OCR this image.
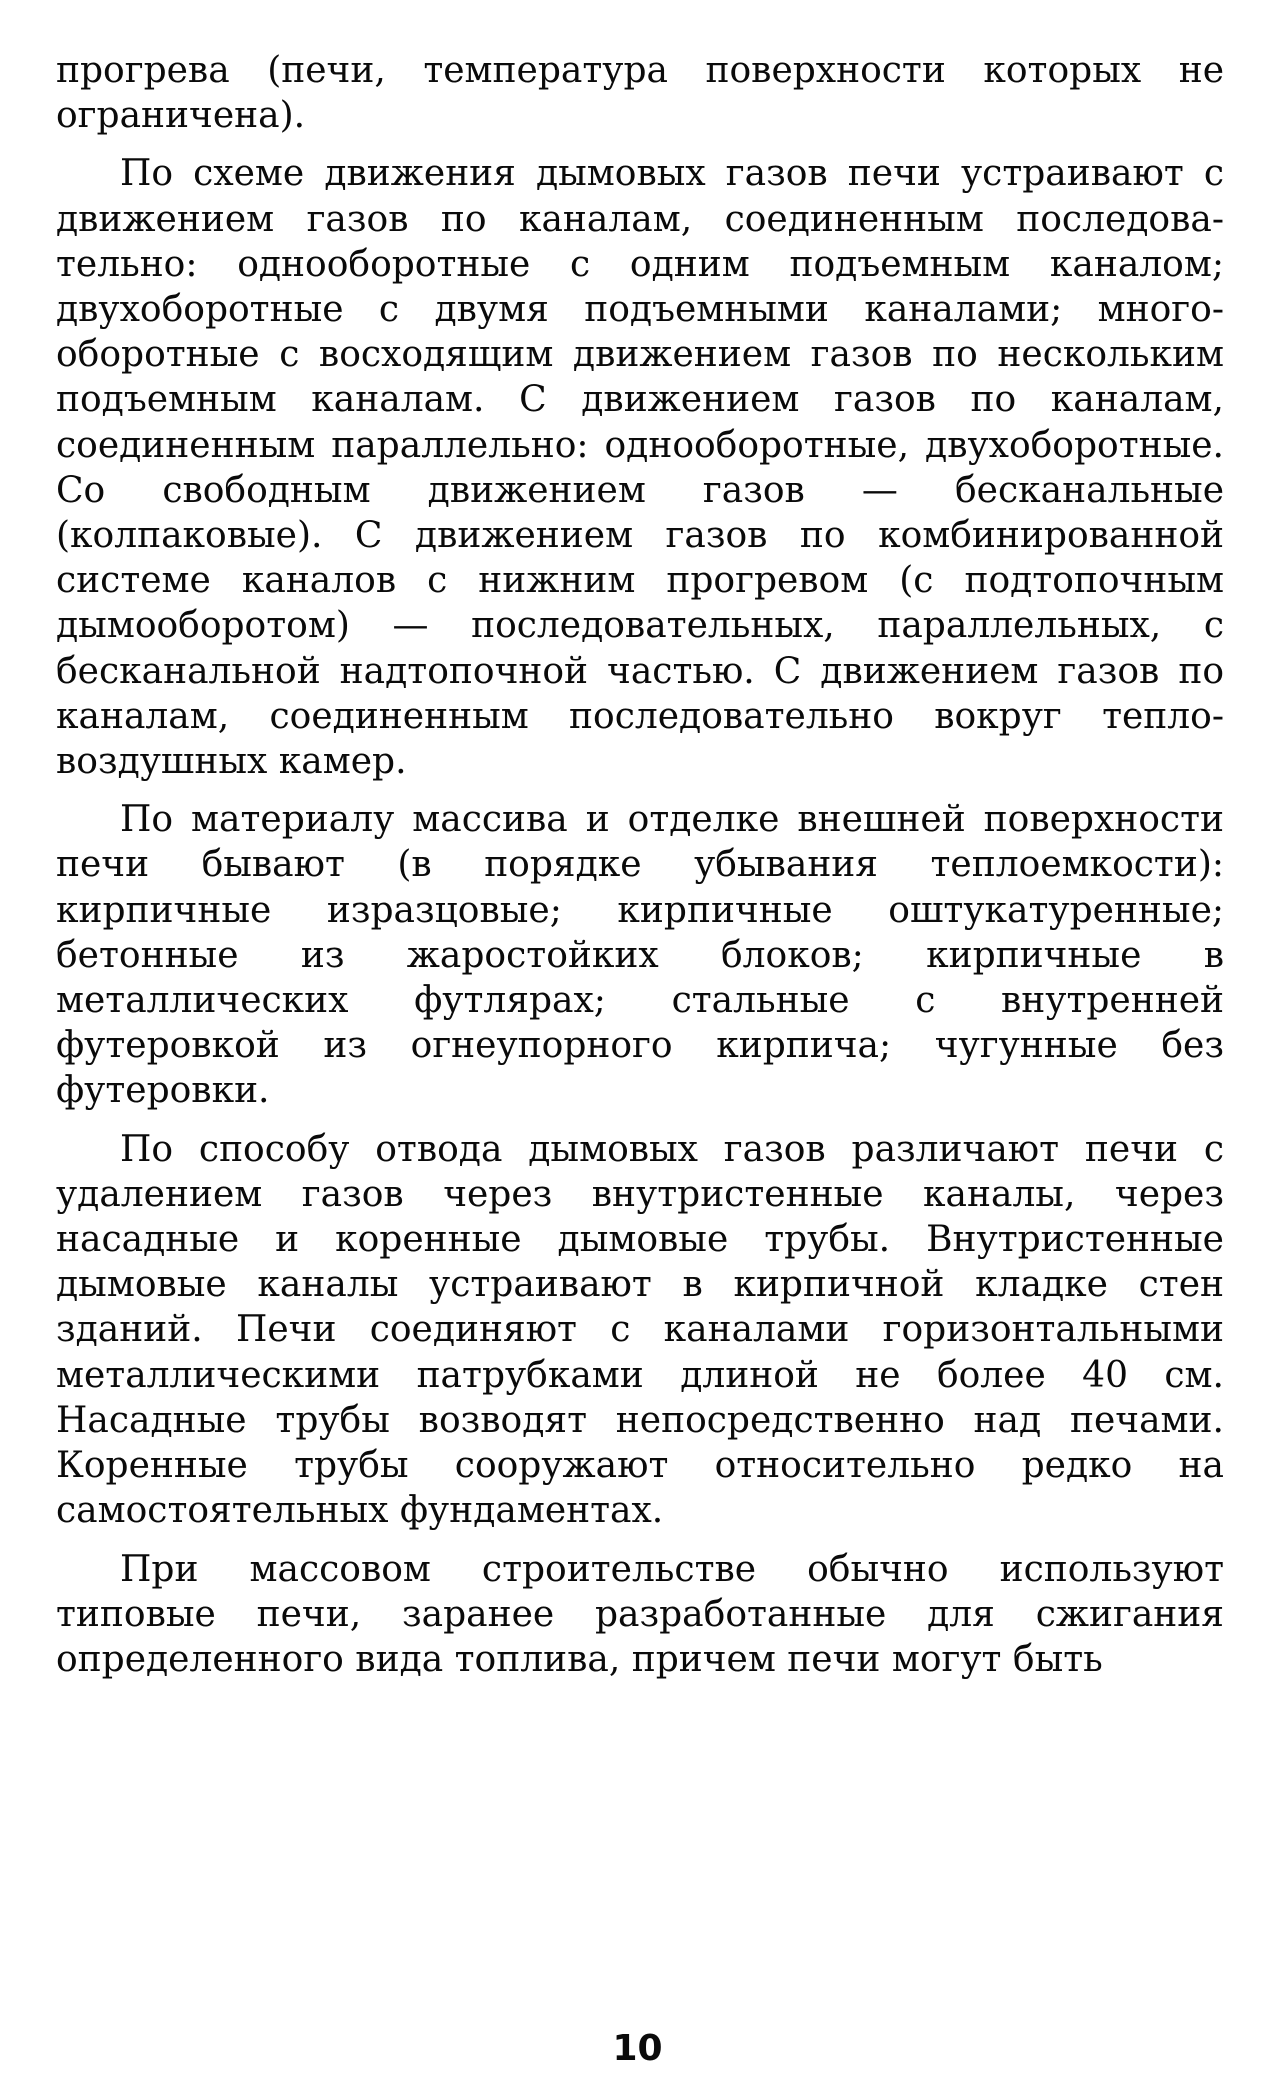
прогрева (печи, температура поверхности которых не ограничена).

По схеме движения дымовых газов печи устраивают с движением газов по каналам, соединенным последовательно: однооборотные с одним подъемным каналом; двухоборотные с двумя подъемными каналами; многооборотные с восходящим движением газов по нескольким подъемным каналам. С движением газов по каналам, соединенным параллельно: однооборотные, двухоборотные. Со свободным движением газов — бесканальные (колпаковые). С движением газов по комбинированной системе каналов с нижним прогревом (с подтопочным дымооборотом) — последовательных, параллельных, с бесканальной надтопочной частью. С движением газов по каналам, соединенным последовательно вокруг тепловоздушных камер.

По материалу массива и отделке внешней поверхности печи бывают (в порядке убывания теплоемкости): кирпичные изразцовые; кирпичные оштукатуренные; бетонные из жаростойких блоков; кирпичные в металлических футлярах; стальные с внутренней футеровкой из огнеупорного кирпича; чугунные без футеровки.

По способу отвода дымовых газов различают печи с удалением газов через внутристенные каналы, через насадные и коренные дымовые трубы. Внутристенные дымовые каналы устраивают в кирпичной кладке стен зданий. Печи соединяют с каналами горизонтальными металлическими патрубками длиной не более 40 см. Насадные трубы возводят непосредственно над печами. Коренные трубы сооружают относительно редко на самостоятельных фундаментах.

При массовом строительстве обычно используют типовые печи, заранее разработанные для сжигания определенного вида топлива, причем печи могут быть

10
